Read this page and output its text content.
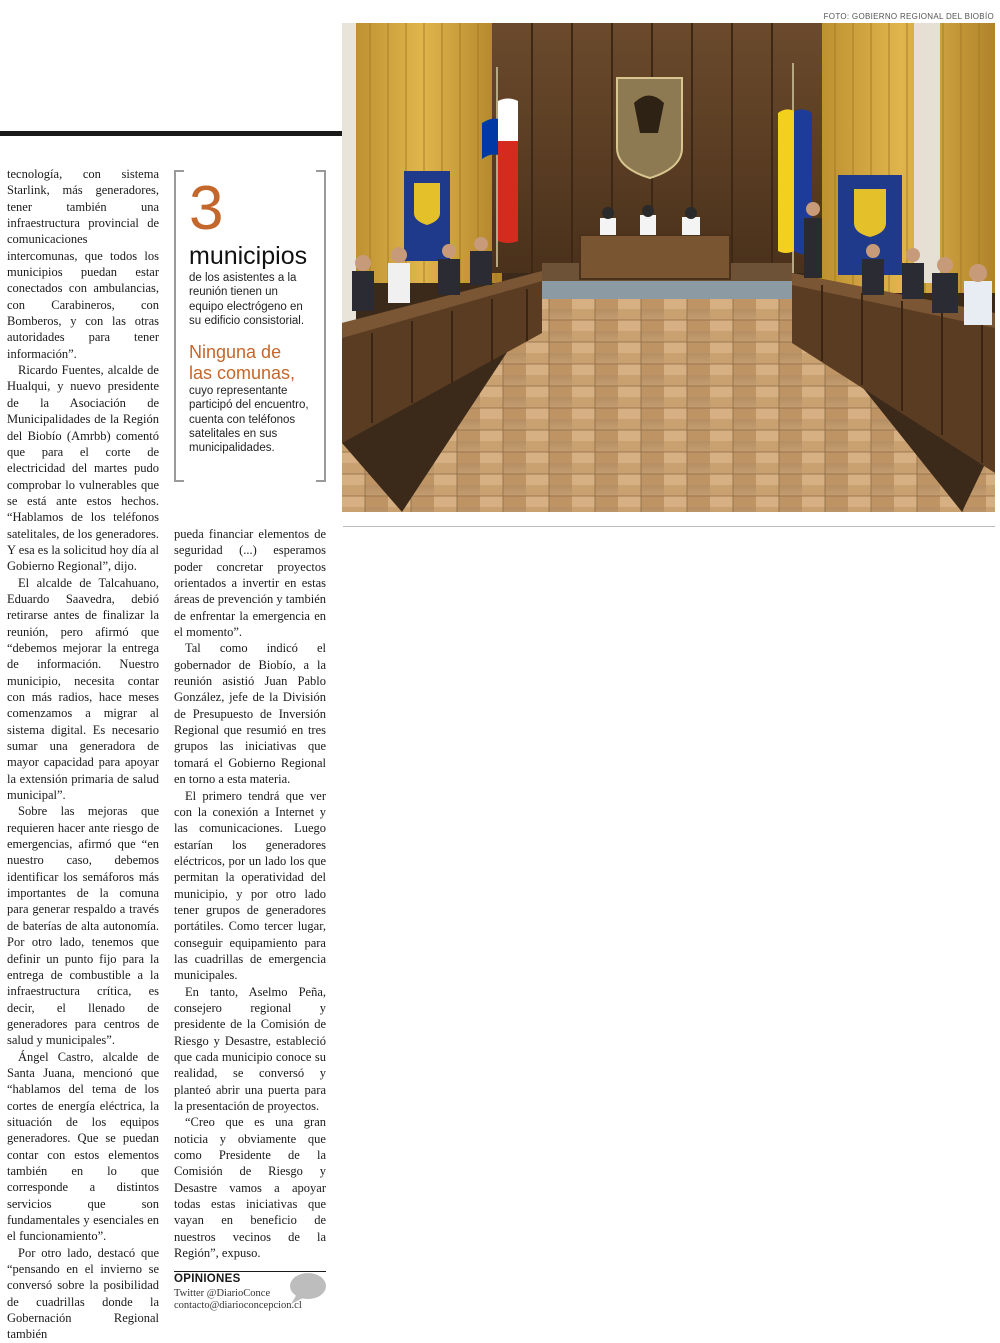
tecnología, con sistema Starlink, más generadores, tener también una infraestructura provincial de comunicaciones intercomunas, que todos los municipios puedan estar conectados con ambulancias, con Carabineros, con Bomberos, y con las otras autoridades para tener información”.

Ricardo Fuentes, alcalde de Hualqui, y nuevo presidente de la Asociación de Municipalidades de la Región del Biobío (Amrbb) comentó que para el corte de electricidad del martes pudo comprobar lo vulnerables que se está ante estos hechos. “Hablamos de los teléfonos satelitales, de los generadores. Y esa es la solicitud hoy día al Gobierno Regional”, dijo.

El alcalde de Talcahuano, Eduardo Saavedra, debió retirarse antes de finalizar la reunión, pero afirmó que “debemos mejorar la entrega de información. Nuestro municipio, necesita contar con más radios, hace meses comenzamos a migrar al sistema digital. Es necesario sumar una generadora de mayor capacidad para apoyar la extensión primaria de salud municipal”.

Sobre las mejoras que requieren hacer ante riesgo de emergencias, afirmó que “en nuestro caso, debemos identificar los semáforos más importantes de la comuna para generar respaldo a través de baterías de alta autonomía. Por otro lado, tenemos que definir un punto fijo para la entrega de combustible a la infraestructura crítica, es decir, el llenado de generadores para centros de salud y municipales”.

Ángel Castro, alcalde de Santa Juana, mencionó que “hablamos del tema de los cortes de energía eléctrica, la situación de los equipos generadores. Que se puedan contar con estos elementos también en lo que corresponde a distintos servicios que son fundamentales y esenciales en el funcionamiento”.

Por otro lado, destacó que “pensando en el invierno se conversó sobre la posibilidad de cuadrillas donde la Gobernación Regional también

3
municipios
de los asistentes a la reunión tienen un equipo electrógeno en su edificio consistorial.
Ninguna de
las comunas,
cuyo representante participó del encuentro, cuenta con teléfonos satelitales en sus municipalidades.
FOTO: GOBIERNO REGIONAL DEL BIOBÍO

pueda financiar elementos de seguridad (...) esperamos poder concretar proyectos orientados a invertir en estas áreas de prevención y también de enfrentar la emergencia en el momento”.

Tal como indicó el gobernador de Biobío, a la reunión asistió Juan Pablo González, jefe de la División de Presupuesto de Inversión Regional que resumió en tres grupos las iniciativas que tomará el Gobierno Regional en torno a esta materia.

El primero tendrá que ver con la conexión a Internet y las comunicaciones. Luego estarían los generadores eléctricos, por un lado los que permitan la operatividad del municipio, y por otro lado tener grupos de generadores portátiles. Como tercer lugar, conseguir equipamiento para las cuadrillas de emergencia municipales.

En tanto, Aselmo Peña, consejero regional y presidente de la Comisión de Riesgo y Desastre, estableció que cada municipio conoce su realidad, se conversó y planteó abrir una puerta para la presentación de proyectos.

“Creo que es una gran noticia y obviamente que como Presidente de la Comisión de Riesgo y Desastre vamos a apoyar todas estas iniciativas que vayan en beneficio de nuestros vecinos de la Región”, expuso.

OPINIONES
Twitter @DiarioConce
contacto@diarioconcepcion.cl
